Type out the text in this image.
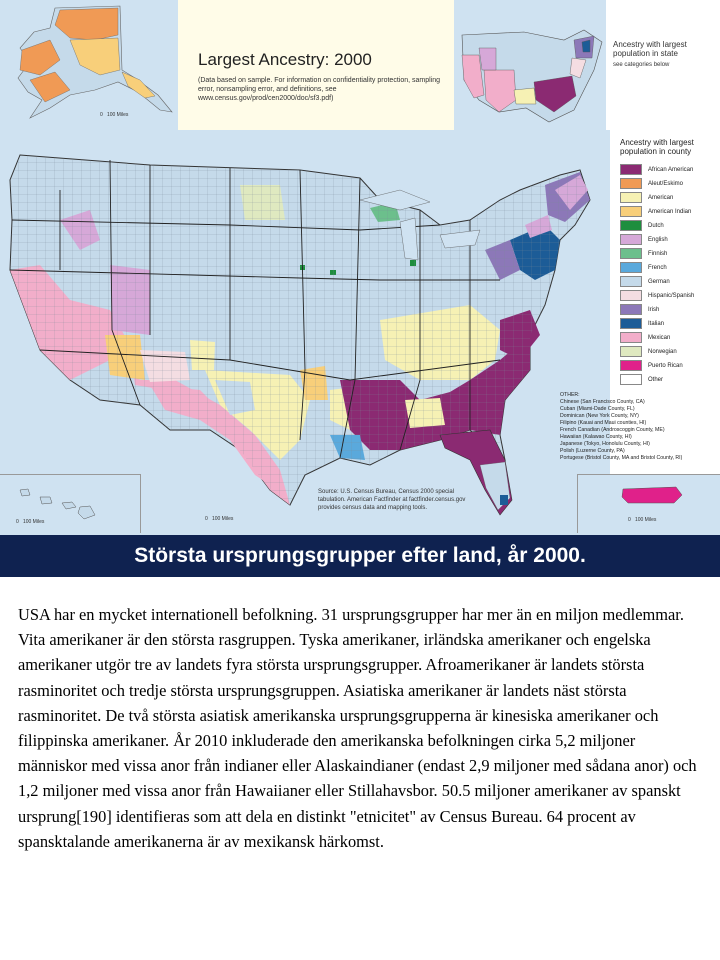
0   100 Miles
Largest Ancestry: 2000
(Data based on sample. For information on confidentiality protection, sampling error, nonsampling error, and definitions, see www.census.gov/prod/cen2000/doc/sf3.pdf)
Ancestry with largest population in state
see categories below
Ancestry with largest population in county
African American
Aleut/Eskimo
American
American Indian
Dutch
English
Finnish
French
German
Hispanic/Spanish
Irish
Italian
Mexican
Norwegian
Puerto Rican
Other
OTHER:
Chinese (San Francisco County, CA)
Cuban (Miami-Dade County, FL)
Dominican (New York County, NY)
Filipino (Kauai and Maui counties, HI)
French Canadian (Androscoggin County, ME)
Hawaiian (Kalawao County, HI)
Japanese (Tokyo, Honolulu County, HI)
Polish (Luzerne County, PA)
Portugese (Bristol County, MA and Bristol County, RI)
Source: U.S. Census Bureau, Census 2000 special tabulation. American Factfinder at factfinder.census.gov provides census data and mapping tools.
0   100 Miles	0   100 Miles	0   100 Miles
Största ursprungsgrupper efter land, år 2000.
USA har en mycket internationell befolkning. 31 ursprungsgrupper har mer än en miljon medlemmar. Vita amerikaner är den största rasgruppen. Tyska amerikaner, irländska amerikaner och engelska amerikaner utgör tre av landets fyra största ursprungsgrupper. Afroamerikaner är landets största rasminoritet och tredje största ursprungsgruppen. Asiatiska amerikaner är landets näst största rasminoritet. De två största asiatisk amerikanska ursprungsgrupperna är kinesiska amerikaner och filippinska amerikaner. År 2010 inkluderade den amerikanska befolkningen cirka 5,2 miljoner människor med vissa anor från indianer eller Alaskaindianer (endast 2,9 miljoner med sådana anor) och 1,2 miljoner med vissa anor från Hawaiianer eller Stillahavsbor. 50.5 miljoner amerikaner av spanskt ursprung[190] identifieras som att dela en distinkt "etnicitet" av Census Bureau. 64 procent av spansktalande amerikanerna är av mexikansk härkomst.
